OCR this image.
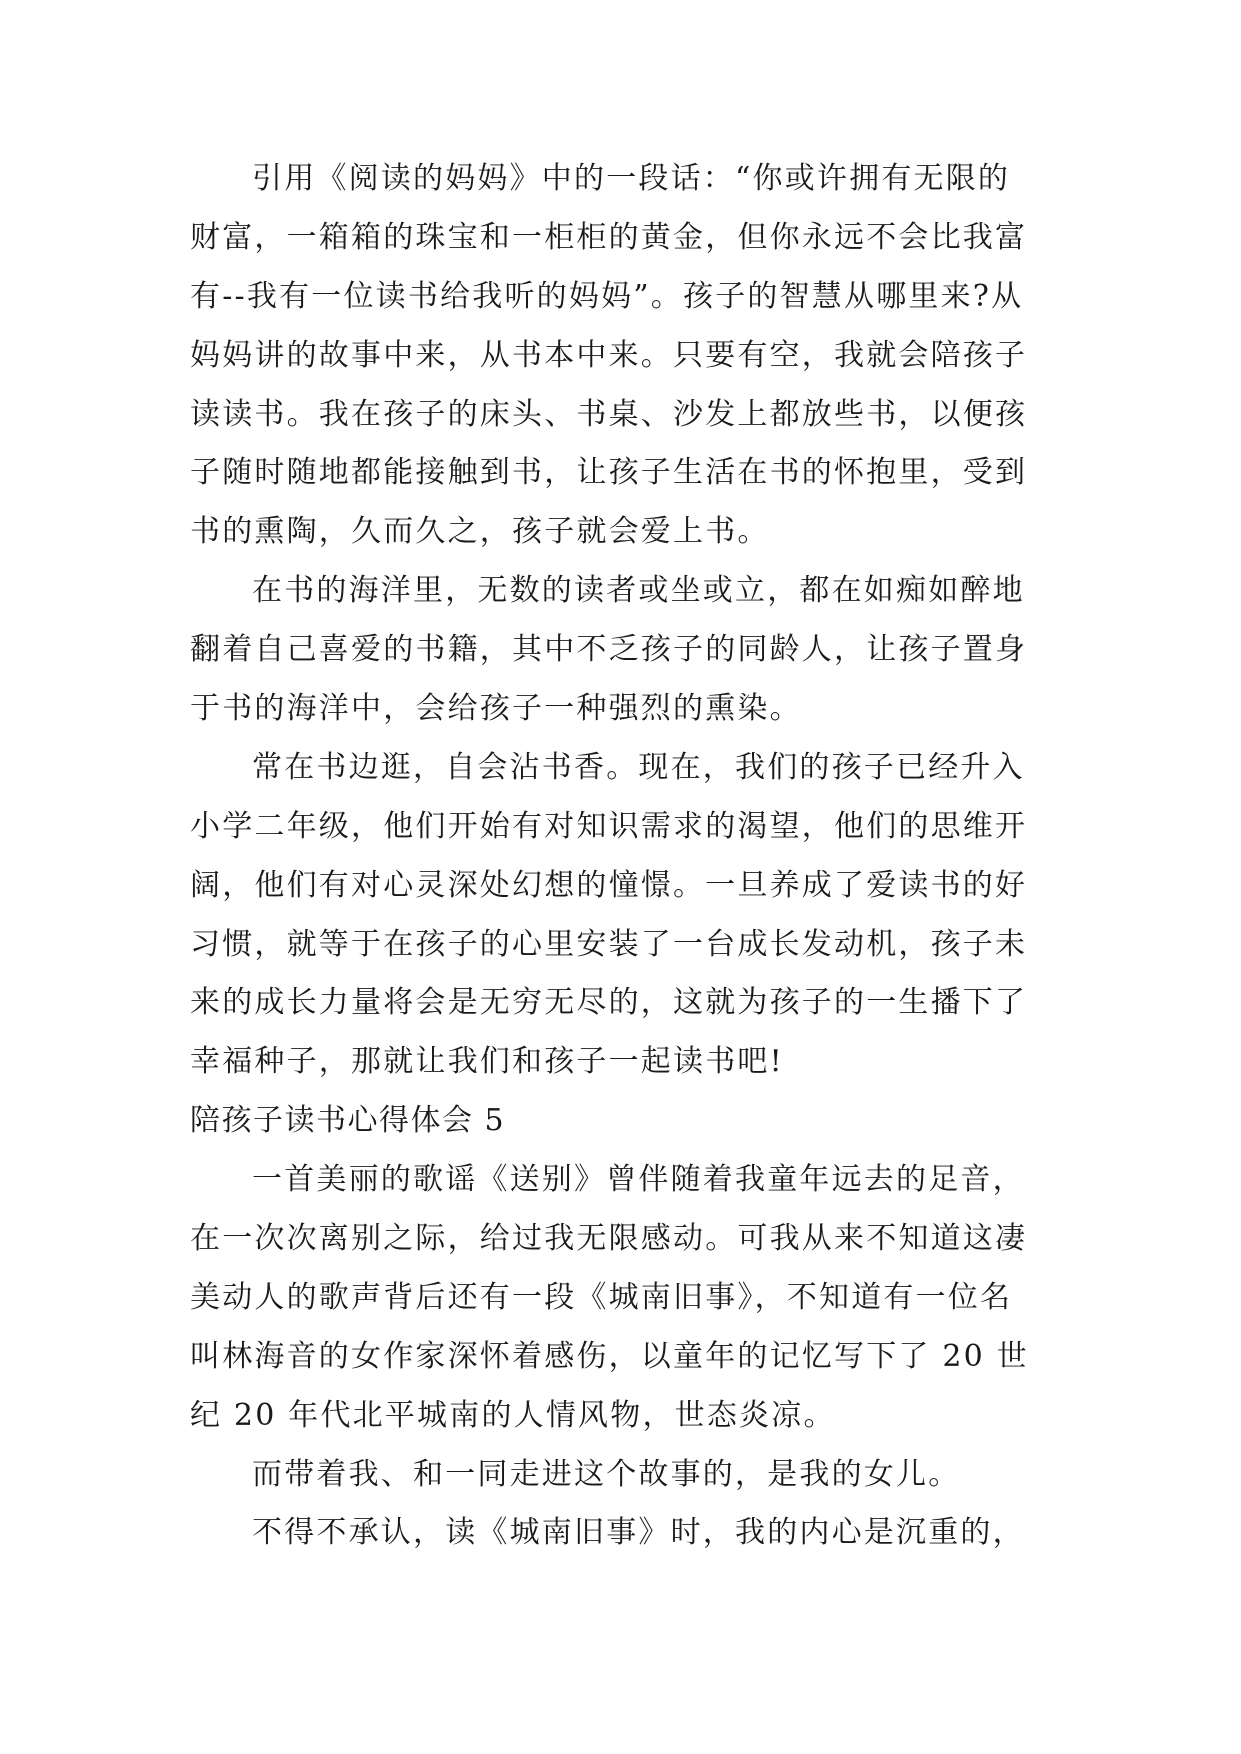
引用《阅读的妈妈》中的一段话：“你或许拥有无限的
财富，一箱箱的珠宝和一柜柜的黄金，但你永远不会比我富
有--我有一位读书给我听的妈妈”。孩子的智慧从哪里来?从
妈妈讲的故事中来，从书本中来。只要有空，我就会陪孩子
读读书。我在孩子的床头、书桌、沙发上都放些书，以便孩
子随时随地都能接触到书，让孩子生活在书的怀抱里，受到
书的熏陶，久而久之，孩子就会爱上书。
在书的海洋里，无数的读者或坐或立，都在如痴如醉地
翻着自己喜爱的书籍，其中不乏孩子的同龄人，让孩子置身
于书的海洋中，会给孩子一种强烈的熏染。
常在书边逛，自会沾书香。现在，我们的孩子已经升入
小学二年级，他们开始有对知识需求的渴望，他们的思维开
阔，他们有对心灵深处幻想的憧憬。一旦养成了爱读书的好
习惯，就等于在孩子的心里安装了一台成长发动机，孩子未
来的成长力量将会是无穷无尽的，这就为孩子的一生播下了
幸福种子，那就让我们和孩子一起读书吧!
陪孩子读书心得体会 5
一首美丽的歌谣《送别》曾伴随着我童年远去的足音，
在一次次离别之际，给过我无限感动。可我从来不知道这凄
美动人的歌声背后还有一段《城南旧事》，不知道有一位名
叫林海音的女作家深怀着感伤，以童年的记忆写下了 20 世
纪 20 年代北平城南的人情风物，世态炎凉。
而带着我、和一同走进这个故事的，是我的女儿。
不得不承认，读《城南旧事》时，我的内心是沉重的，
